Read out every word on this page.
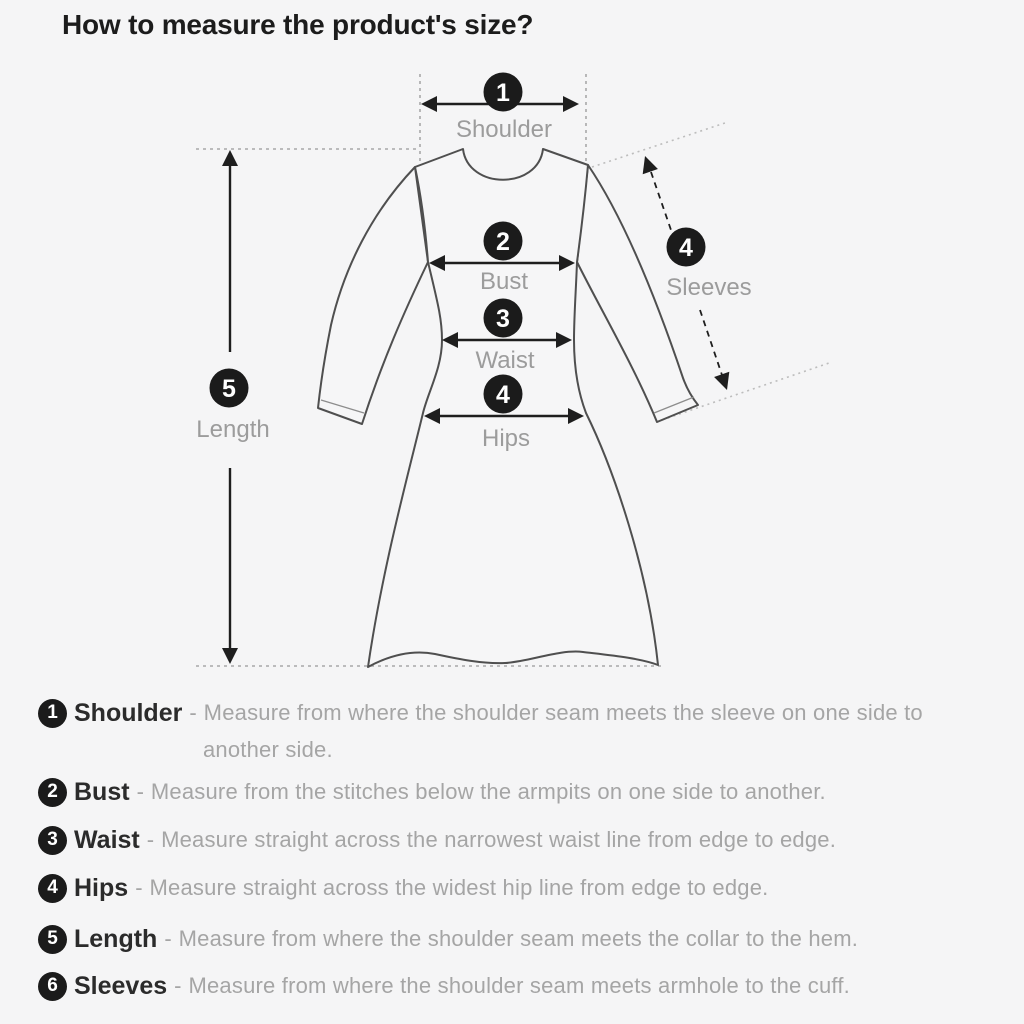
How to measure the product's size?
1
2
3
4
5
4
Shoulder
Bust
Waist
Hips
Length
Sleeves
1 Shoulder - Measure from where the shoulder seam meets the sleeve on one side to
another side.
2 Bust - Measure from the stitches below the armpits on one side to another.
3 Waist - Measure straight across the narrowest waist line from edge to edge.
4 Hips - Measure straight across the widest hip line from edge to edge.
5 Length - Measure from where the shoulder seam meets the collar to the hem.
6 Sleeves - Measure from where the shoulder seam meets armhole to the cuff.
